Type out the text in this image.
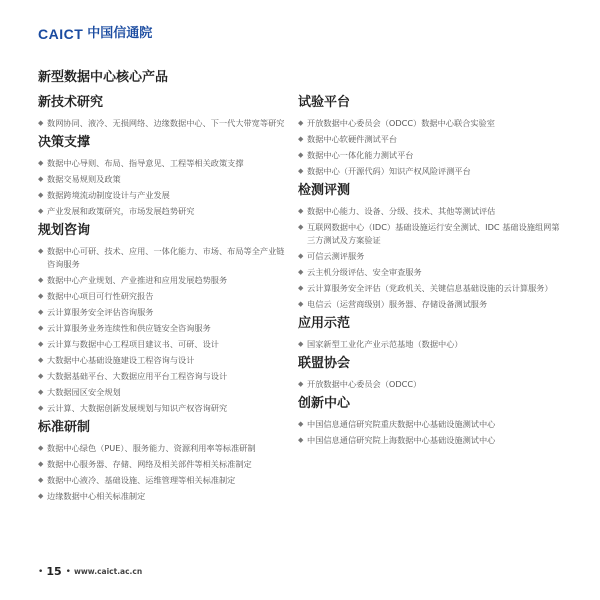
CAICT 中国信通院
新型数据中心核心产品
新技术研究
◆ 数网协同、液冷、无损网络、边缘数据中心、下一代大带宽等研究
决策支撑
◆ 数据中心导则、布局、指导意见、工程等相关政策支撑
◆ 数据交易规则及政策
◆ 数据跨境流动制度设计与产业发展
◆ 产业发展和政策研究，市场发展趋势研究
规划咨询
◆ 数据中心可研、技术、应用、一体化能力、市场、布局等全产业链咨询服务
◆ 数据中心产业规划、产业推进和应用发展趋势服务
◆ 数据中心项目可行性研究报告
◆ 云计算服务安全评估咨询服务
◆ 云计算服务业务连续性和供应链安全咨询服务
◆ 云计算与数据中心工程项目建议书、可研、设计
◆ 大数据中心基础设施建设工程咨询与设计
◆ 大数据基础平台、大数据应用平台工程咨询与设计
◆ 大数据园区安全规划
◆ 云计算、大数据创新发展规划与知识产权咨询研究
标准研制
◆ 数据中心绿色（PUE）、服务能力、资源利用率等标准研制
◆ 数据中心服务器、存储、网络及相关部件等相关标准制定
◆ 数据中心液冷、基础设施、运维管理等相关标准制定
◆ 边缘数据中心相关标准制定
试验平台
◆ 开放数据中心委员会（ODCC）数据中心联合实验室
◆ 数据中心软硬件测试平台
◆ 数据中心一体化能力测试平台
◆ 数据中心（开源代码）知识产权风险评测平台
检测评测
◆ 数据中心能力、设备、分级、技术、其他等测试评估
◆ 互联网数据中心（IDC）基础设施运行安全测试、IDC 基础设施组网第三方测试及方案验证
◆ 可信云测评服务
◆ 云主机分级评估、安全审查服务
◆ 云计算服务安全评估（党政机关、关键信息基础设施的云计算服务）
◆ 电信云（运营商级别）服务器、存储设备测试服务
应用示范
◆ 国家新型工业化产业示范基地（数据中心）
联盟协会
◆ 开放数据中心委员会（ODCC）
创新中心
◆ 中国信息通信研究院重庆数据中心基础设施测试中心
◆ 中国信息通信研究院上海数据中心基础设施测试中心
• 15 • www.caict.ac.cn
